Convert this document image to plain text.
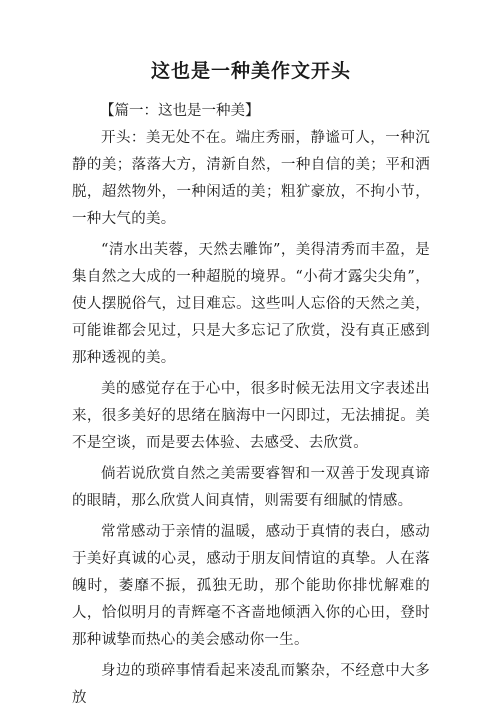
这也是一种美作文开头

【篇一：这也是一种美】

开头：美无处不在。端庄秀丽，静谧可人，一种沉静的美；落落大方，清新自然，一种自信的美；平和洒脱，超然物外，一种闲适的美；粗犷豪放，不拘小节，一种大气的美。

“清水出芙蓉，天然去雕饰”，美得清秀而丰盈，是集自然之大成的一种超脱的境界。“小荷才露尖尖角”，使人摆脱俗气，过目难忘。这些叫人忘俗的天然之美，可能谁都会见过，只是大多忘记了欣赏，没有真正感到那种透视的美。

美的感觉存在于心中，很多时候无法用文字表述出来，很多美好的思绪在脑海中一闪即过，无法捕捉。美不是空谈，而是要去体验、去感受、去欣赏。

倘若说欣赏自然之美需要睿智和一双善于发现真谛的眼睛，那么欣赏人间真情，则需要有细腻的情感。

常常感动于亲情的温暖，感动于真情的表白，感动于美好真诚的心灵，感动于朋友间情谊的真挚。人在落魄时，萎靡不振，孤独无助，那个能助你排忧解难的人，恰似明月的青辉毫不吝啬地倾洒入你的心田，登时那种诚挚而热心的美会感动你一生。

身边的琐碎事情看起来凌乱而繁杂，不经意中大多放
